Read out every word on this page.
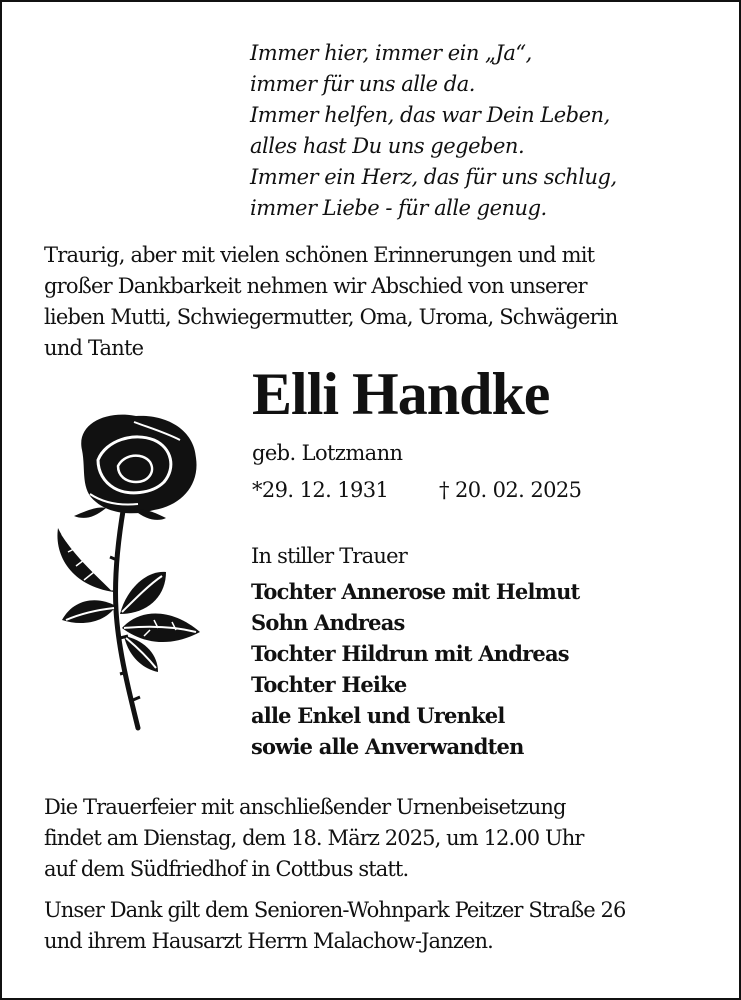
Immer hier, immer ein „Ja“,

immer für uns alle da.

Immer helfen, das war Dein Leben,

alles hast Du uns gegeben.

Immer ein Herz, das für uns schlug,

immer Liebe - für alle genug.

Traurig, aber mit vielen schönen Erinnerungen und mit

großer Dankbarkeit nehmen wir Abschied von unserer

lieben Mutti, Schwiegermutter, Oma, Uroma, Schwägerin

und Tante

Elli Handke

geb. Lotzmann

*29. 12. 1931 † 20. 02. 2025

In stiller Trauer

Tochter Annerose mit Helmut

Sohn Andreas

Tochter Hildrun mit Andreas

Tochter Heike

alle Enkel und Urenkel

sowie alle Anverwandten

Die Trauerfeier mit anschließender Urnenbeisetzung

findet am Dienstag, dem 18. März 2025, um 12.00 Uhr

auf dem Südfriedhof in Cottbus statt.

Unser Dank gilt dem Senioren-Wohnpark Peitzer Straße 26

und ihrem Hausarzt Herrn Malachow-Janzen.
